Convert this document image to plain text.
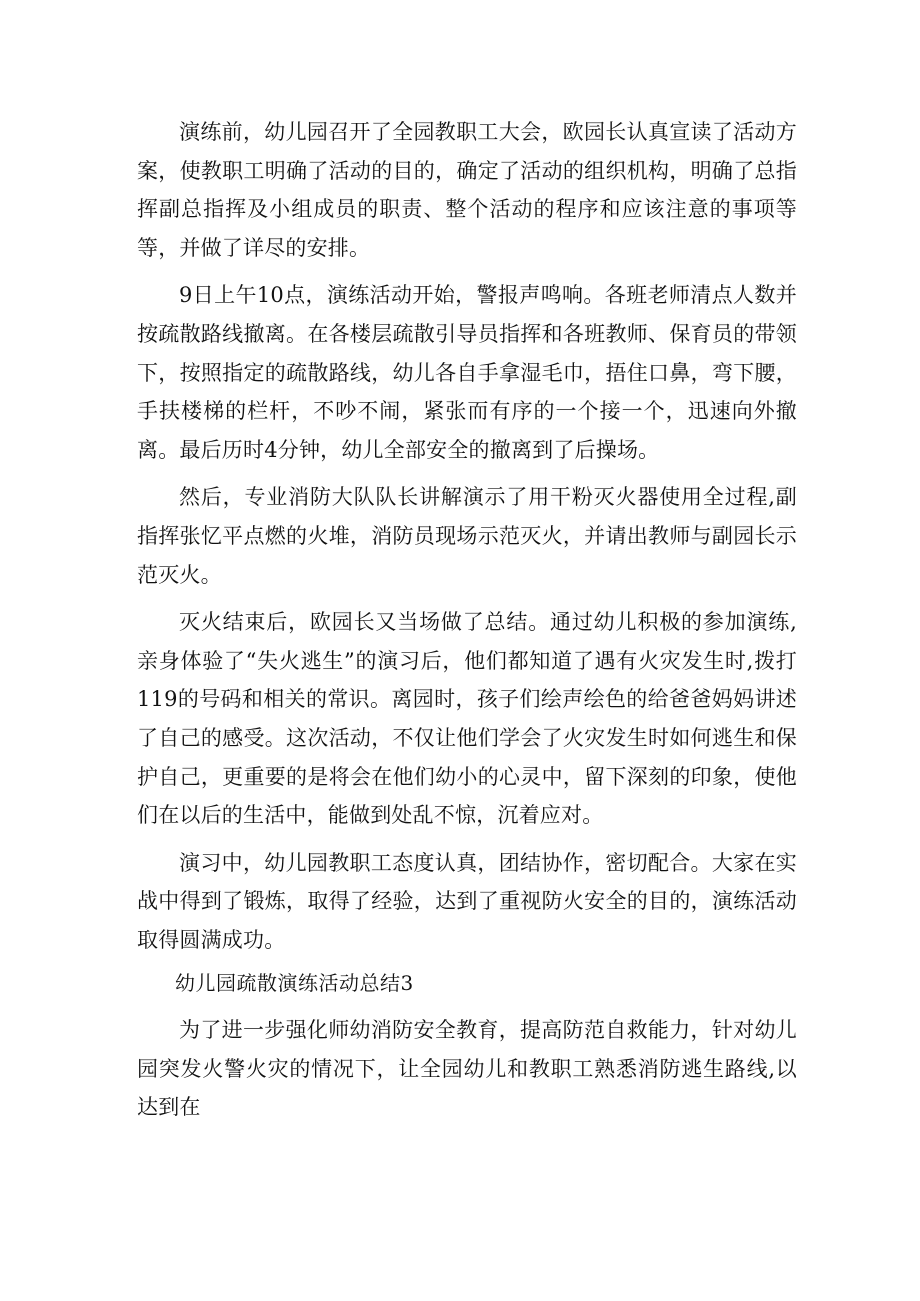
演练前，幼儿园召开了全园教职工大会，欧园长认真宣读了活动方案，使教职工明确了活动的目的，确定了活动的组织机构，明确了总指挥副总指挥及小组成员的职责、整个活动的程序和应该注意的事项等等，并做了详尽的安排。

9日上午10点，演练活动开始，警报声鸣响。各班老师清点人数并按疏散路线撤离。在各楼层疏散引导员指挥和各班教师、保育员的带领下，按照指定的疏散路线，幼儿各自手拿湿毛巾，捂住口鼻，弯下腰，手扶楼梯的栏杆，不吵不闹，紧张而有序的一个接一个，迅速向外撤离。最后历时4分钟，幼儿全部安全的撤离到了后操场。

然后，专业消防大队队长讲解演示了用干粉灭火器使用全过程,副指挥张忆平点燃的火堆，消防员现场示范灭火，并请出教师与副园长示范灭火。

灭火结束后，欧园长又当场做了总结。通过幼儿积极的参加演练,亲身体验了“失火逃生”的演习后，他们都知道了遇有火灾发生时,拨打119的号码和相关的常识。离园时，孩子们绘声绘色的给爸爸妈妈讲述了自己的感受。这次活动，不仅让他们学会了火灾发生时如何逃生和保护自己，更重要的是将会在他们幼小的心灵中，留下深刻的印象，使他们在以后的生活中，能做到处乱不惊，沉着应对。

演习中，幼儿园教职工态度认真，团结协作，密切配合。大家在实战中得到了锻炼，取得了经验，达到了重视防火安全的目的，演练活动取得圆满成功。

幼儿园疏散演练活动总结3

为了进一步强化师幼消防安全教育，提高防范自救能力，针对幼儿园突发火警火灾的情况下，让全园幼儿和教职工熟悉消防逃生路线,以达到在
